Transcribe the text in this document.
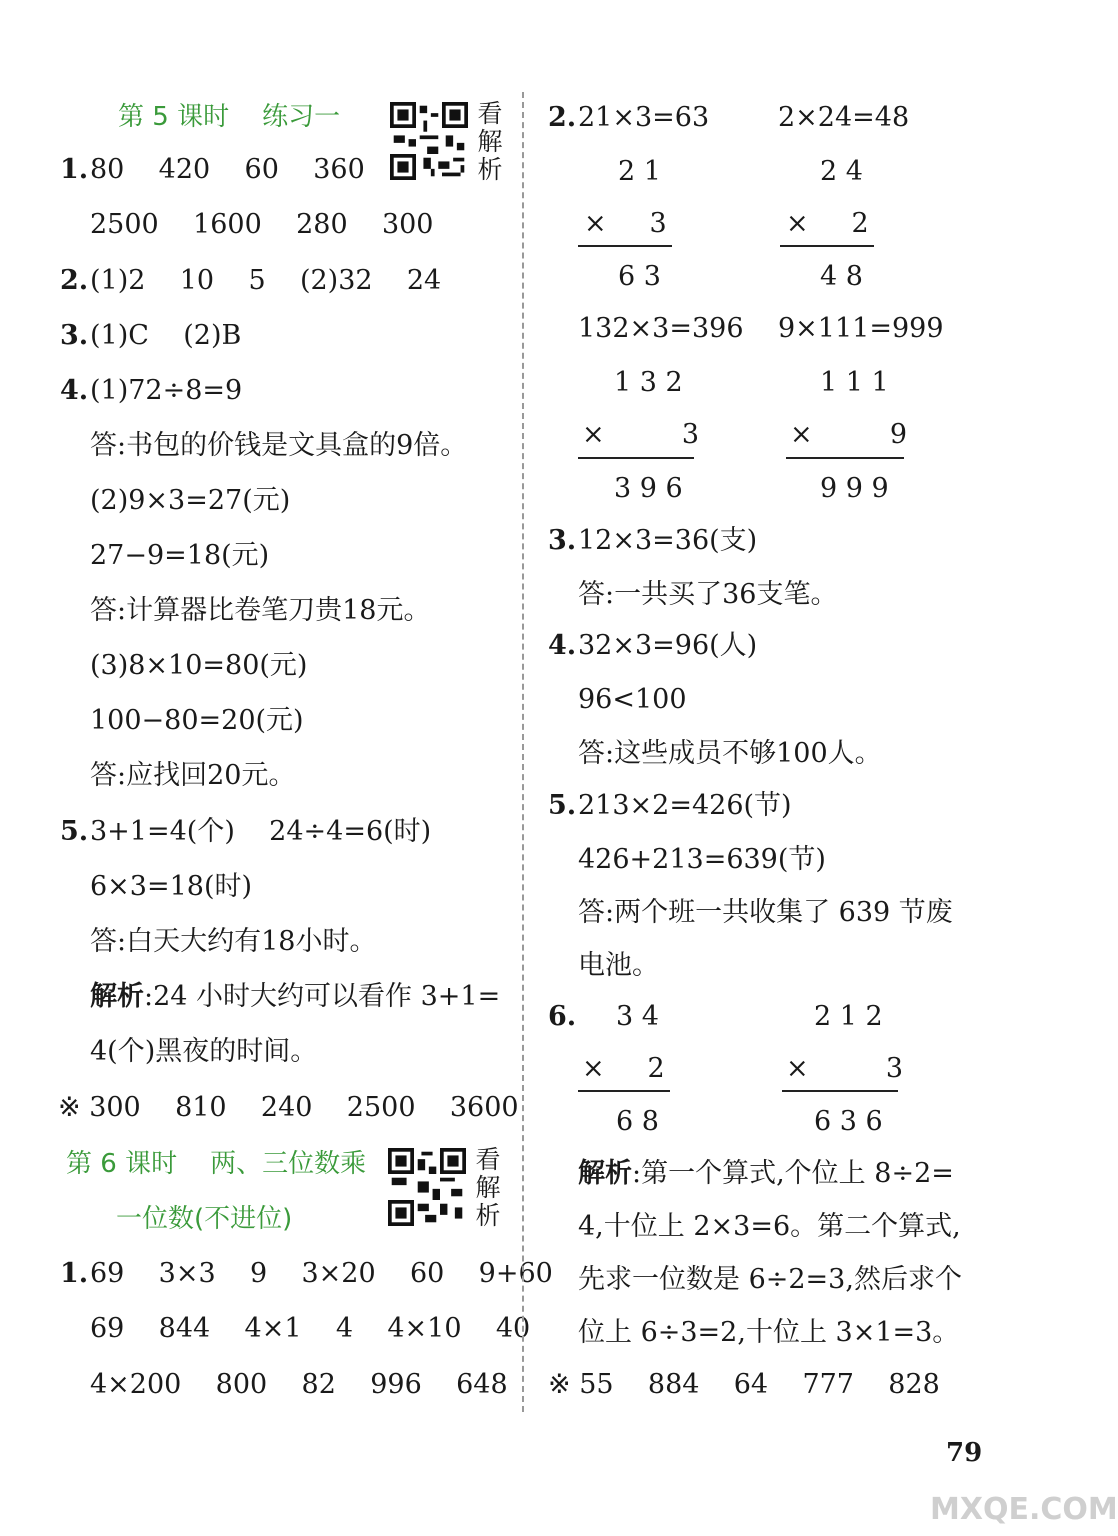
第 5 课时    练习一	看
解
析
1. 80    420    60    360
2500    1600    280    300
2. (1)2    10    5    (2)32    24
3. (1)C    (2)B
4. (1)72÷8=9
答:书包的价钱是文具盒的9倍。
(2)9×3=27(元)
27−9=18(元)
答:计算器比卷笔刀贵18元。
(3)8×10=80(元)
100−80=20(元)
答:应找回20元。
5. 3+1=4(个)    24÷4=6(时)
6×3=18(时)
答:白天大约有18小时。
解析:24 小时大约可以看作 3+1=
4(个)黑夜的时间。
※ 300    810    240    2500    3600
第 6 课时    两、三位数乘
一位数(不进位)
看
解
析
1. 69    3×3    9    3×20    60    9+60
69    844    4×1    4    4×10    40
4×200    800    82    996    648
2. 21×3=63	2×24=48
2 1
×     3
6 3
2 4
×     2
4 8
132×3=396 9×111=999
1 3 2
×         3
3 9 6
1 1 1
×         9
9 9 9
3. 12×3=36(支)
答:一共买了36支笔。
4. 32×3=96(人)
96<100
答:这些成员不够100人。
5. 213×2=426(节)
426+213=639(节)
答:两个班一共收集了 639 节废
电池。
6. 3 4
×     2
6 8
2 1 2
×         3
6 3 6
解析:第一个算式,个位上 8÷2=
4,十位上 2×3=6。第二个算式,
先求一位数是 6÷2=3,然后求个
位上 6÷3=2,十位上 3×1=3。
※ 55    884    64    777    828
79
MXQE.COM
